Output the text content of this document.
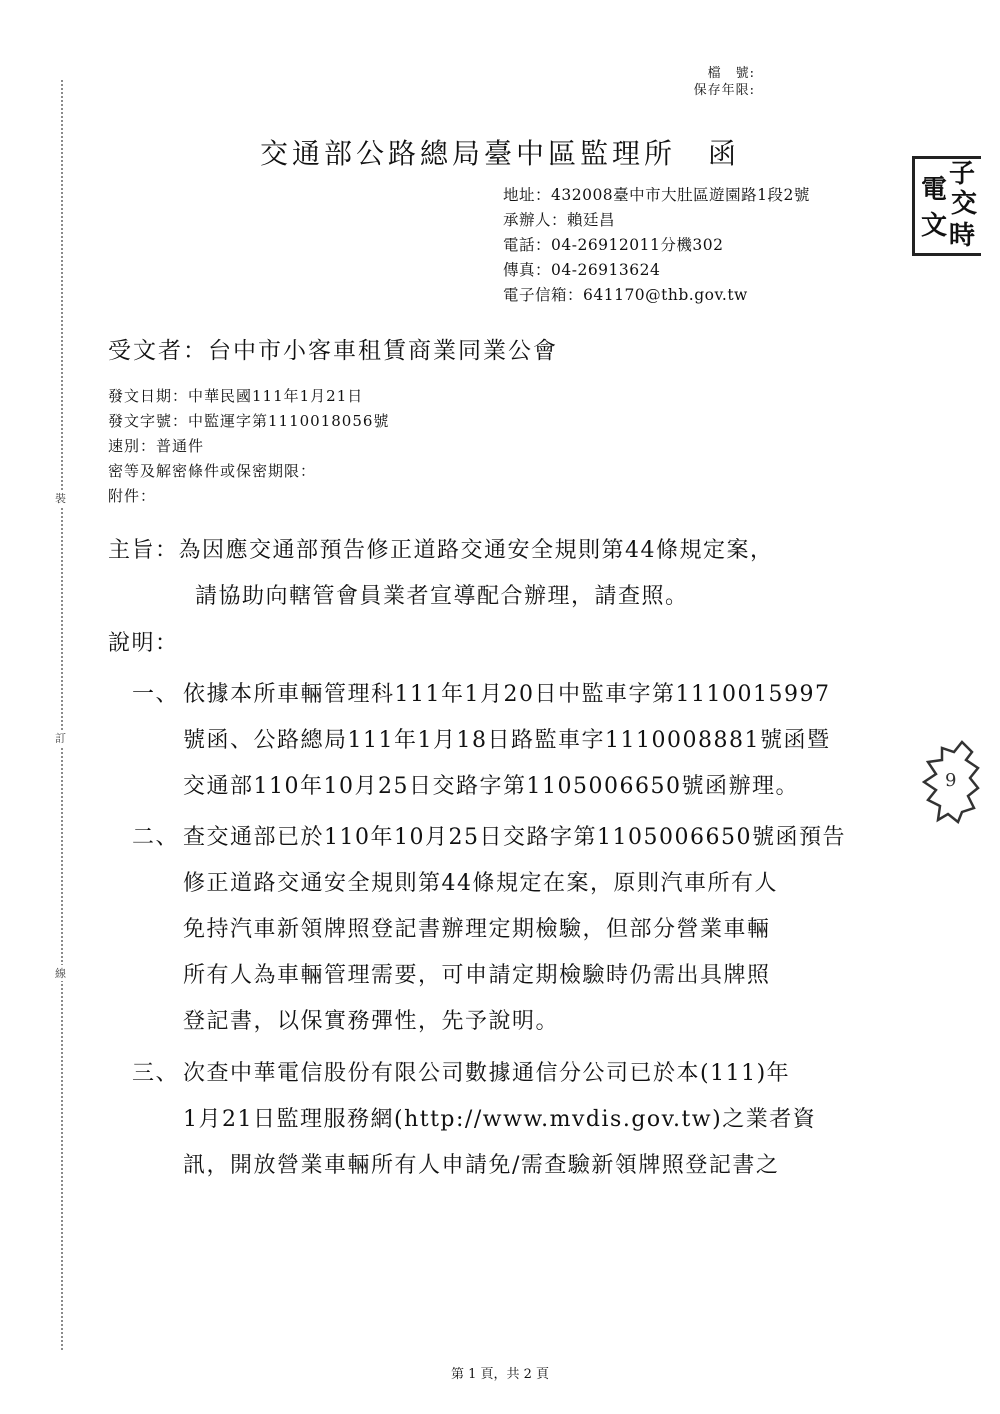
裝
訂
線
檔　號:
保存年限:
交通部公路總局臺中區監理所　函
電
子
文
交
時
地址：432008臺中市大肚區遊園路1段2號
承辦人：賴廷昌
電話：04-26912011分機302
傳真：04-26913624
電子信箱：641170@thb.gov.tw
受文者：台中市小客車租賃商業同業公會
發文日期：中華民國111年1月21日
發文字號：中監運字第1110018056號
速別：普通件
密等及解密條件或保密期限：
附件：
主旨：為因應交通部預告修正道路交通安全規則第44條規定案，
請協助向轄管會員業者宣導配合辦理，請查照。
說明：
一、 依據本所車輛管理科111年1月20日中監車字第1110015997
號函、公路總局111年1月18日路監車字1110008881號函暨
交通部110年10月25日交路字第1105006650號函辦理。
二、 查交通部已於110年10月25日交路字第1105006650號函預告
修正道路交通安全規則第44條規定在案，原則汽車所有人
免持汽車新領牌照登記書辦理定期檢驗，但部分營業車輛
所有人為車輛管理需要，可申請定期檢驗時仍需出具牌照
登記書，以保實務彈性，先予說明。
三、 次查中華電信股份有限公司數據通信分公司已於本(111)年
1月21日監理服務網(http://www.mvdis.gov.tw)之業者資
訊，開放營業車輛所有人申請免/需查驗新領牌照登記書之
9
第 1 頁，共 2 頁
